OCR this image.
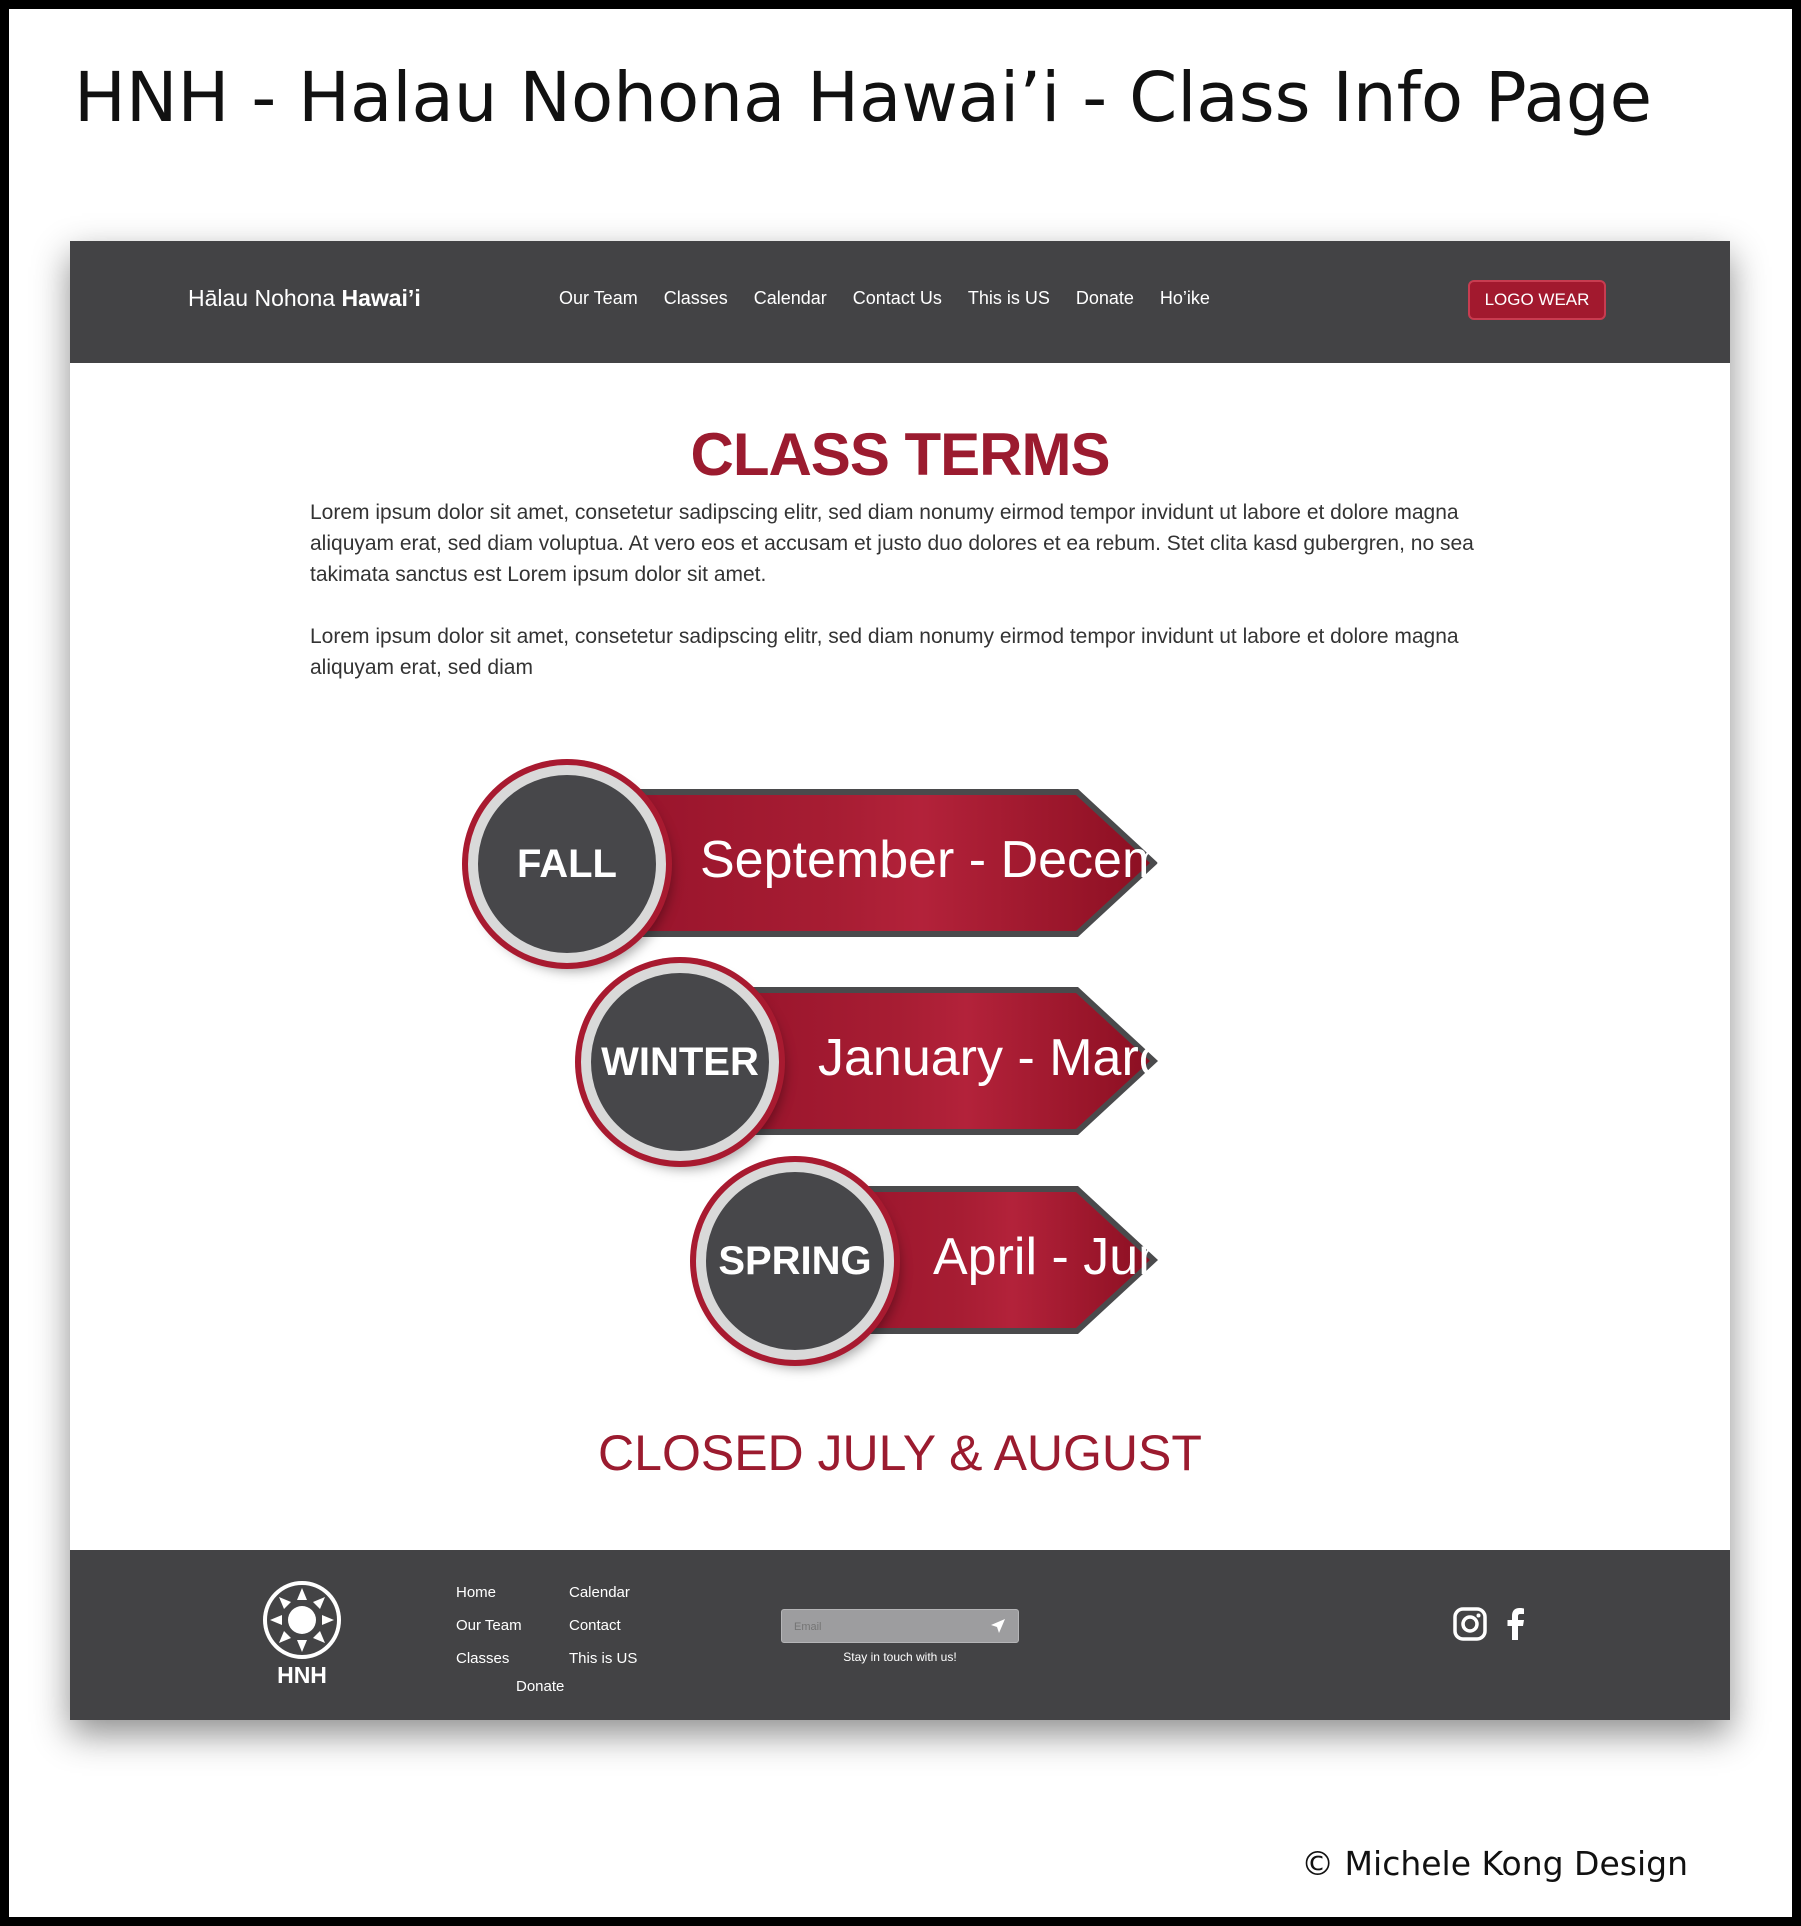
HNH - Halau Nohona Hawai’i - Class Info Page
Hālau Nohona Hawai’i	Our Team Classes Calendar Contact Us This is US Donate Ho’ike	LOGO WEAR
CLASS TERMS

Lorem ipsum dolor sit amet, consetetur sadipscing elitr, sed diam nonumy eirmod tempor invidunt ut labore et dolore magna aliquyam erat, sed diam voluptua. At vero eos et accusam et justo duo dolores et ea rebum. Stet clita kasd gubergren, no sea takimata sanctus est Lorem ipsum dolor sit amet.

Lorem ipsum dolor sit amet, consetetur sadipscing elitr, sed diam nonumy eirmod tempor invidunt ut labore et dolore magna aliquyam erat, sed diam

September - December
FALL
January - March
WINTER
April - June
SPRING
CLOSED JULY & AUGUST
HNH
Home
Our Team
Classes
Calendar
Contact
This is US
Donate
Email
Stay in touch with us!
© Michele Kong Design
